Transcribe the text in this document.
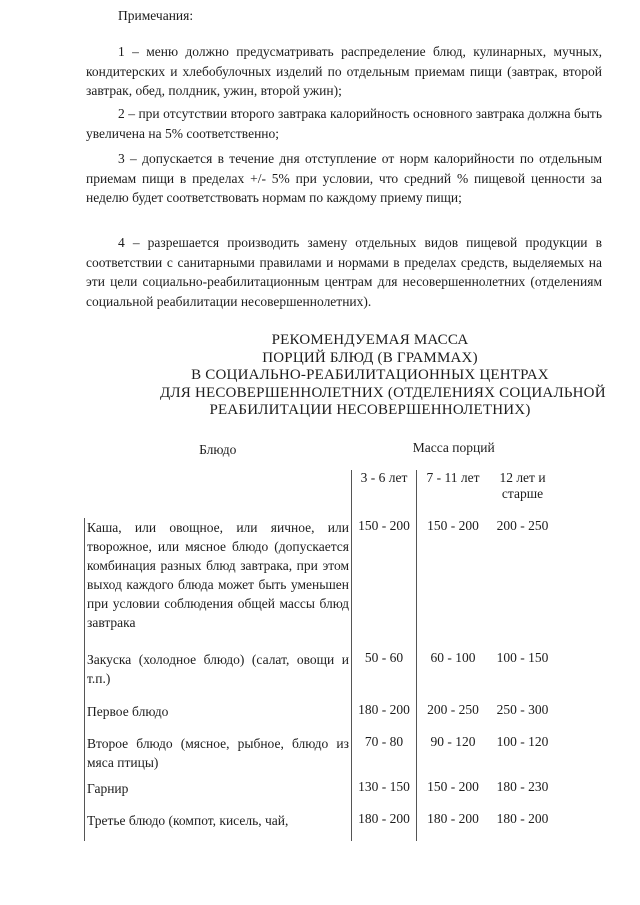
Примечания:

1 – меню должно предусматривать распределение блюд, кулинарных, мучных, кондитерских и хлебобулочных изделий по отдельным приемам пищи (завтрак, второй завтрак, обед, полдник, ужин, второй ужин);

2 – при отсутствии второго завтрака калорийность основного завтрака должна быть увеличена на 5% соответственно;

3 – допускается в течение дня отступление от норм калорийности по отдельным приемам пищи в пределах +/- 5% при условии, что средний % пищевой ценности за неделю будет соответствовать нормам по каждому приему пищи;

4 – разрешается производить замену отдельных видов пищевой продукции в соответствии с санитарными правилами и нормами в пределах средств, выделяемых на эти цели социально-реабилитационным центрам для несовершеннолетних (отделениям социальной реабилитации несовершеннолетних).

РЕКОМЕНДУЕМАЯ МАССА
ПОРЦИЙ БЛЮД (В ГРАММАХ)
В СОЦИАЛЬНО-РЕАБИЛИТАЦИОННЫХ ЦЕНТРАХ
ДЛЯ НЕСОВЕРШЕННОЛЕТНИХ (ОТДЕЛЕНИЯХ СОЦИАЛЬНОЙ
РЕАБИЛИТАЦИИ НЕСОВЕРШЕННОЛЕТНИХ)
Блюдо	Масса порций		
	3 - 6 лет	7 - 11 лет	12 лет и старше
Каша, или овощное, или яичное, или творожное, или мясное блюдо (допускается комбинация разных блюд завтрака, при этом выход каждого блюда может быть уменьшен при условии соблюдения общей массы блюд завтрака	150 - 200	150 - 200	200 - 250
Закуска (холодное блюдо) (салат, овощи и т.п.)	50 - 60	60 - 100	100 - 150
Первое блюдо	180 - 200	200 - 250	250 - 300
Второе блюдо (мясное, рыбное, блюдо из мяса птицы)	70 - 80	90 - 120	100 - 120
Гарнир	130 - 150	150 - 200	180 - 230
Третье блюдо (компот, кисель, чай,	180 - 200	180 - 200	180 - 200
